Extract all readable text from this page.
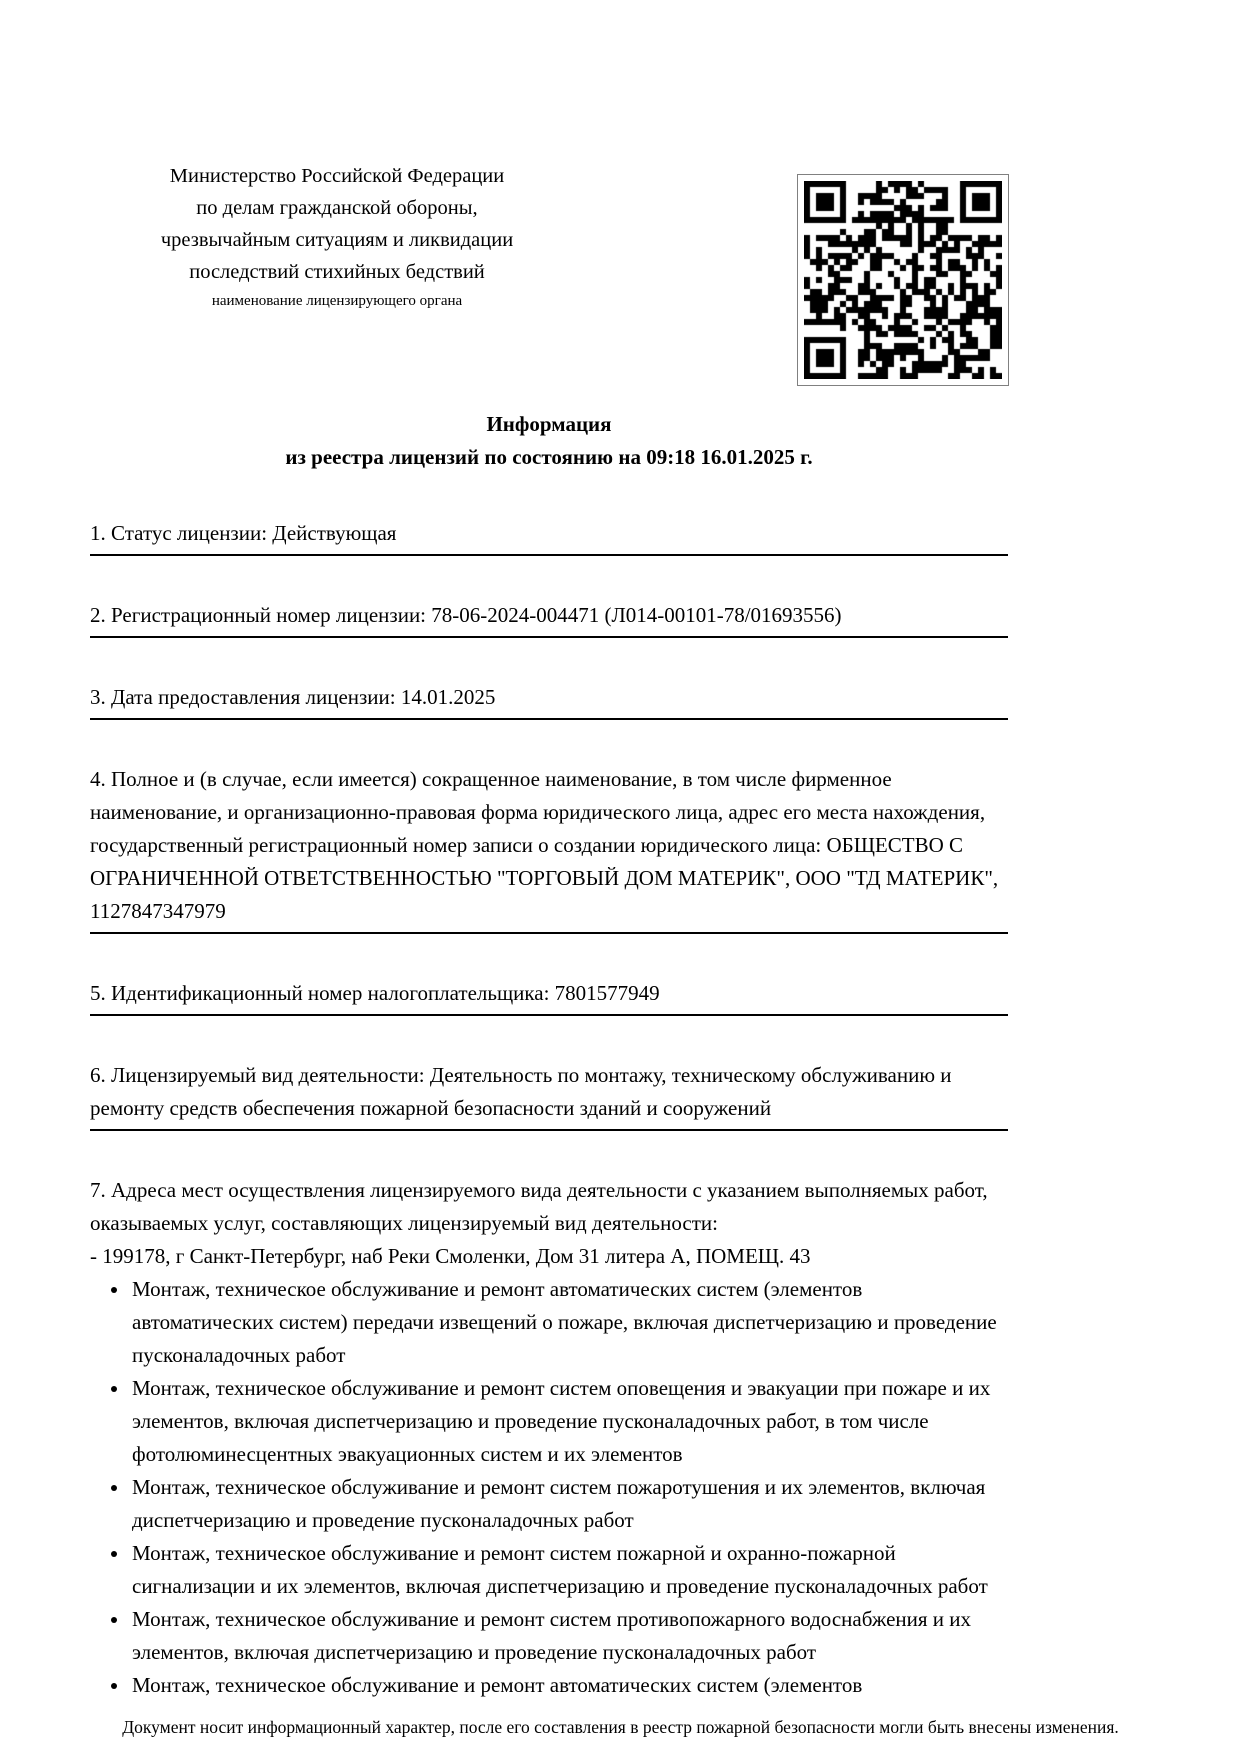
Министерство Российской Федерации
по делам гражданской обороны,
чрезвычайным ситуациям и ликвидации
последствий стихийных бедствий
наименование лицензирующего органа
Информация
из реестра лицензий по состоянию на 09:18 16.01.2025 г.
1. Статус лицензии: Действующая
2. Регистрационный номер лицензии: 78-06-2024-004471 (Л014-00101-78/01693556)
3. Дата предоставления лицензии: 14.01.2025
4. Полное и (в случае, если имеется) сокращенное наименование, в том числе фирменное наименование, и организационно-правовая форма юридического лица, адрес его места нахождения, государственный регистрационный номер записи о создании юридического лица: ОБЩЕСТВО С ОГРАНИЧЕННОЙ ОТВЕТСТВЕННОСТЬЮ "ТОРГОВЫЙ ДОМ МАТЕРИК", ООО "ТД МАТЕРИК", 1127847347979
5. Идентификационный номер налогоплательщика: 7801577949
6. Лицензируемый вид деятельности: Деятельность по монтажу, техническому обслуживанию и ремонту средств обеспечения пожарной безопасности зданий и сооружений
7. Адреса мест осуществления лицензируемого вида деятельности с указанием выполняемых работ, оказываемых услуг, составляющих лицензируемый вид деятельности:
- 199178, г Санкт-Петербург, наб Реки Смоленки, Дом 31 литера А, ПОМЕЩ. 43
• Монтаж, техническое обслуживание и ремонт автоматических систем (элементов автоматических систем) передачи извещений о пожаре, включая диспетчеризацию и проведение пусконаладочных работ
• Монтаж, техническое обслуживание и ремонт систем оповещения и эвакуации при пожаре и их элементов, включая диспетчеризацию и проведение пусконаладочных работ, в том числе фотолюминесцентных эвакуационных систем и их элементов
• Монтаж, техническое обслуживание и ремонт систем пожаротушения и их элементов, включая диспетчеризацию и проведение пусконаладочных работ
• Монтаж, техническое обслуживание и ремонт систем пожарной и охранно-пожарной сигнализации и их элементов, включая диспетчеризацию и проведение пусконаладочных работ
• Монтаж, техническое обслуживание и ремонт систем противопожарного водоснабжения и их элементов, включая диспетчеризацию и проведение пусконаладочных работ
• Монтаж, техническое обслуживание и ремонт автоматических систем (элементов
Документ носит информационный характер, после его составления в реестр пожарной безопасности могли быть внесены изменения.
